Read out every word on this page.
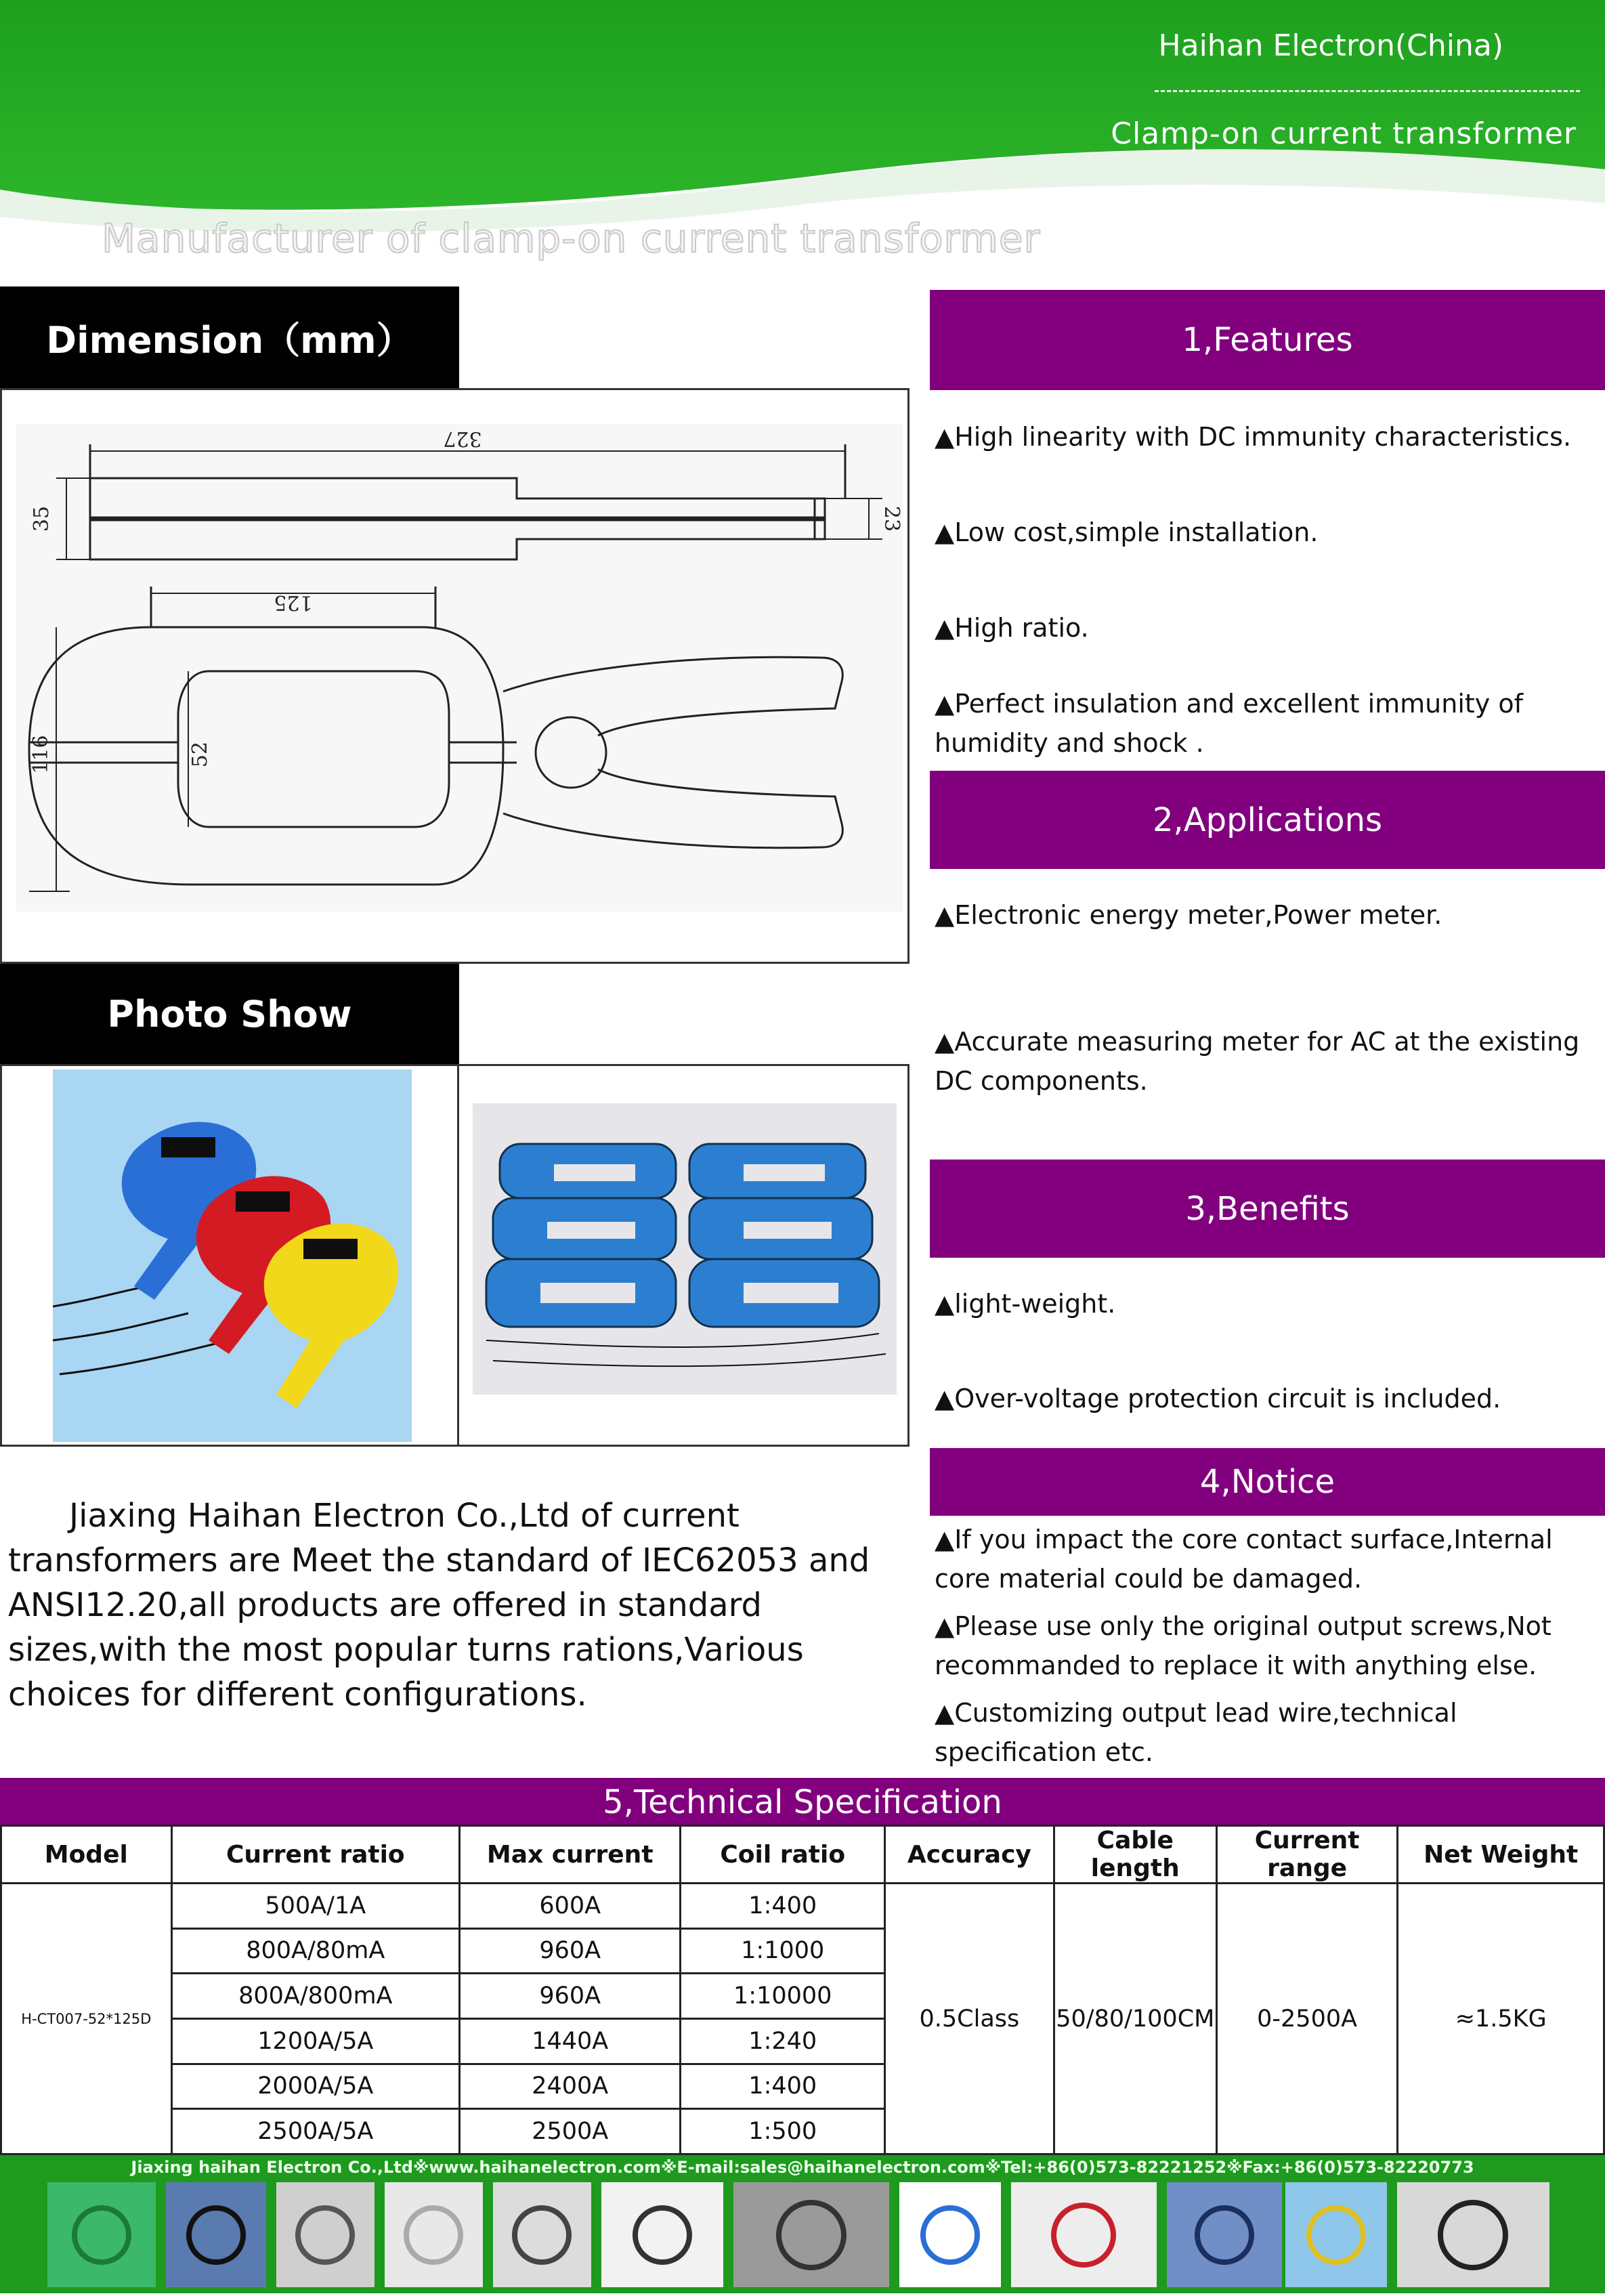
Haihan Electron(China)
Clamp-on current transformer
Manufacturer of clamp-on current transformer
Dimension（mm）
327
35	23
125
116	52
Photo Show
Jiaxing Haihan Electron Co.,Ltd of current transformers are Meet the standard of IEC62053 and ANSI12.20,all products are offered in standard sizes,with the most popular turns rations,Various choices for different configurations.
1,Features
▲High linearity with DC immunity characteristics.
▲Low cost,simple installation.
▲High ratio.
▲Perfect insulation and excellent immunity of humidity and shock .
2,Applications
▲Electronic energy meter,Power meter.
▲Accurate measuring meter for AC at the existing DC components.
3,Benefits
▲light-weight.
▲Over-voltage protection circuit is included.
4,Notice
▲If you impact the core contact surface,Internal core material could be damaged.
▲Please use only the original output screws,Not recommanded to replace it with anything else.
▲Customizing output lead wire,technical specification etc.
5,Technical Specification
Model	Current ratio	Max current	Coil ratio	Accuracy	Cable length	Current range	Net Weight
H-CT007-52*125D	500A/1A	600A	1:400	0.5Class	50/80/100CM	0-2500A	≈1.5KG
	800A/80mA	960A	1:1000				
	800A/800mA	960A	1:10000				
	1200A/5A	1440A	1:240				
	2000A/5A	2400A	1:400				
	2500A/5A	2500A	1:500				
Jiaxing haihan Electron Co.,Ltd※www.haihanelectron.com※E-mail:sales@haihanelectron.com※Tel:+86(0)573-82221252※Fax:+86(0)573-82220773
